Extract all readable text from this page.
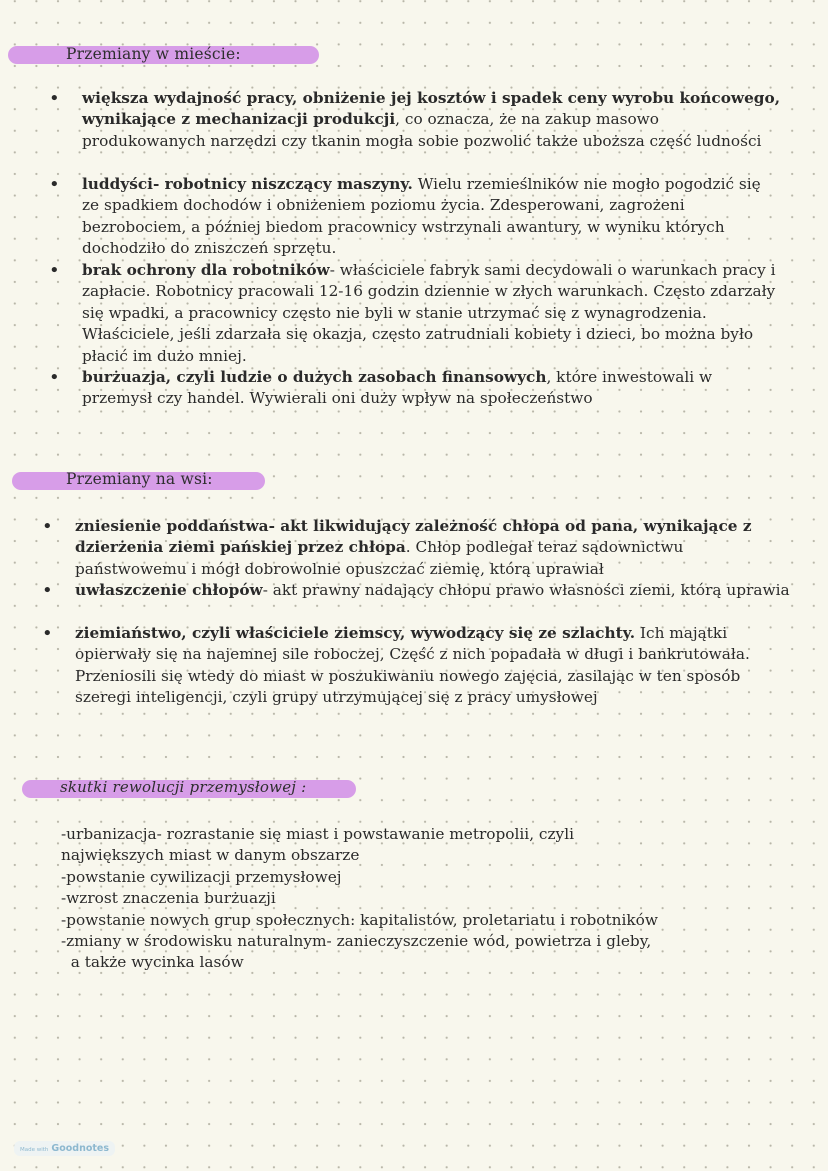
Przemiany w mieście:
• większa wydajność pracy, obniżenie jej kosztów i spadek ceny wyrobu końcowego, wynikające z mechanizacji produkcji, co oznacza, że na zakup masowo produkowanych narzędzi czy tkanin mogła sobie pozwolić także uboższa część ludności
• luddyści- robotnicy niszczący maszyny. Wielu rzemieślników nie mogło pogodzić się ze spadkiem dochodów i obniżeniem poziomu życia. Zdesperowani, zagrożeni bezrobociem, a później biedom pracownicy wstrzynali awantury, w wyniku których dochodziło do zniszczeń sprzętu.
• brak ochrony dla robotników- właściciele fabryk sami decydowali o warunkach pracy i zapłacie. Robotnicy pracowali 12-16 godzin dziennie w złych warunkach. Często zdarzały się wpadki, a pracownicy często nie byli w stanie utrzymać się z wynagrodzenia. Właściciele, jeśli zdarzała się okazja, często zatrudniali kobiety i dzieci, bo można było płacić im dużo mniej.
• burżuazja, czyli ludzie o dużych zasobach finansowych, które inwestowali w przemysł czy handel. Wywierali oni duży wpływ na społeczeństwo
Przemiany na wsi:
• zniesienie poddaństwa- akt likwidujący zależność chłopa od pana, wynikające z dzierżenia ziemi pańskiej przez chłopa. Chłop podlegał teraz sądownictwu państwowemu i mógł dobrowolnie opuszczać ziemię, którą uprawiał
• uwłaszczenie chłopów- akt prawny nadający chłopu prawo własności ziemi, którą uprawia
• ziemiaństwo, czyli właściciele ziemscy, wywodzący się ze szlachty. Ich majątki opierwały się na najemnej sile roboczej, Część z nich popadała w długi i bankrutowała. Przeniosili się wtedy do miast w poszukiwaniu nowego zajęcia, zasilając w ten sposób szeregi inteligencji, czyli grupy utrzymującej się z pracy umysłowej
skutki rewolucji przemysłowej :
-urbanizacja- rozrastanie się miast i powstawanie metropolii, czyli
największych miast w danym obszarze
-powstanie cywilizacji przemysłowej
-wzrost znaczenia burżuazji
-powstanie nowych grup społecznych: kapitalistów, proletariatu i robotników
-zmiany w środowisku naturalnym- zanieczyszczenie wód, powietrza i gleby,
a także wycinka lasów
Made with Goodnotes
